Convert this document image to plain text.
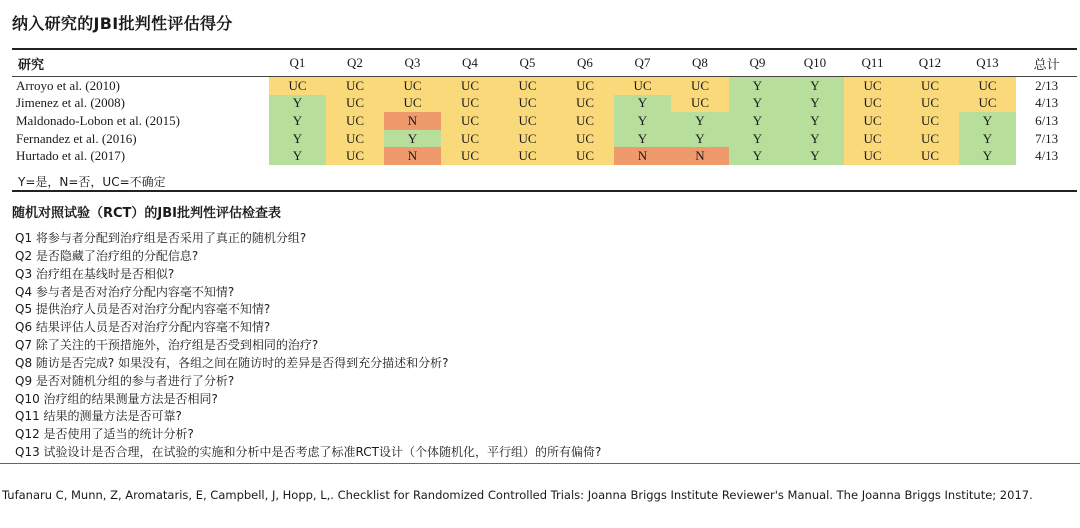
纳入研究的JBI批判性评估得分
研究	Q1	Q2	Q3	Q4	Q5	Q6	Q7	Q8	Q9	Q10	Q11	Q12	Q13	总计
Arroyo et al. (2010)	UC	UC	UC	UC	UC	UC	UC	UC	Y	Y	UC	UC	UC	2/13
Jimenez et al. (2008)	Y	UC	UC	UC	UC	UC	Y	UC	Y	Y	UC	UC	UC	4/13
Maldonado-Lobon et al. (2015)	Y	UC	N	UC	UC	UC	Y	Y	Y	Y	UC	UC	Y	6/13
Fernandez et al. (2016)	Y	UC	Y	UC	UC	UC	Y	Y	Y	Y	UC	UC	Y	7/13
Hurtado et al. (2017)	Y	UC	N	UC	UC	UC	N	N	Y	Y	UC	UC	Y	4/13
Y=是，N=否，UC=不确定
随机对照试验（RCT）的JBI批判性评估检查表
Q1 将参与者分配到治疗组是否采用了真正的随机分组?
Q2 是否隐藏了治疗组的分配信息?
Q3 治疗组在基线时是否相似?
Q4 参与者是否对治疗分配内容毫不知情?
Q5 提供治疗人员是否对治疗分配内容毫不知情?
Q6 结果评估人员是否对治疗分配内容毫不知情?
Q7 除了关注的干预措施外，治疗组是否受到相同的治疗?
Q8 随访是否完成? 如果没有，各组之间在随访时的差异是否得到充分描述和分析?
Q9 是否对随机分组的参与者进行了分析?
Q10 治疗组的结果测量方法是否相同?
Q11 结果的测量方法是否可靠?
Q12 是否使用了适当的统计分析?
Q13 试验设计是否合理，在试验的实施和分析中是否考虑了标准RCT设计（个体随机化，平行组）的所有偏倚?
Tufanaru C, Munn, Z, Aromataris, E, Campbell, J, Hopp, L,. Checklist for Randomized Controlled Trials: Joanna Briggs Institute Reviewer's Manual. The Joanna Briggs Institute; 2017.
